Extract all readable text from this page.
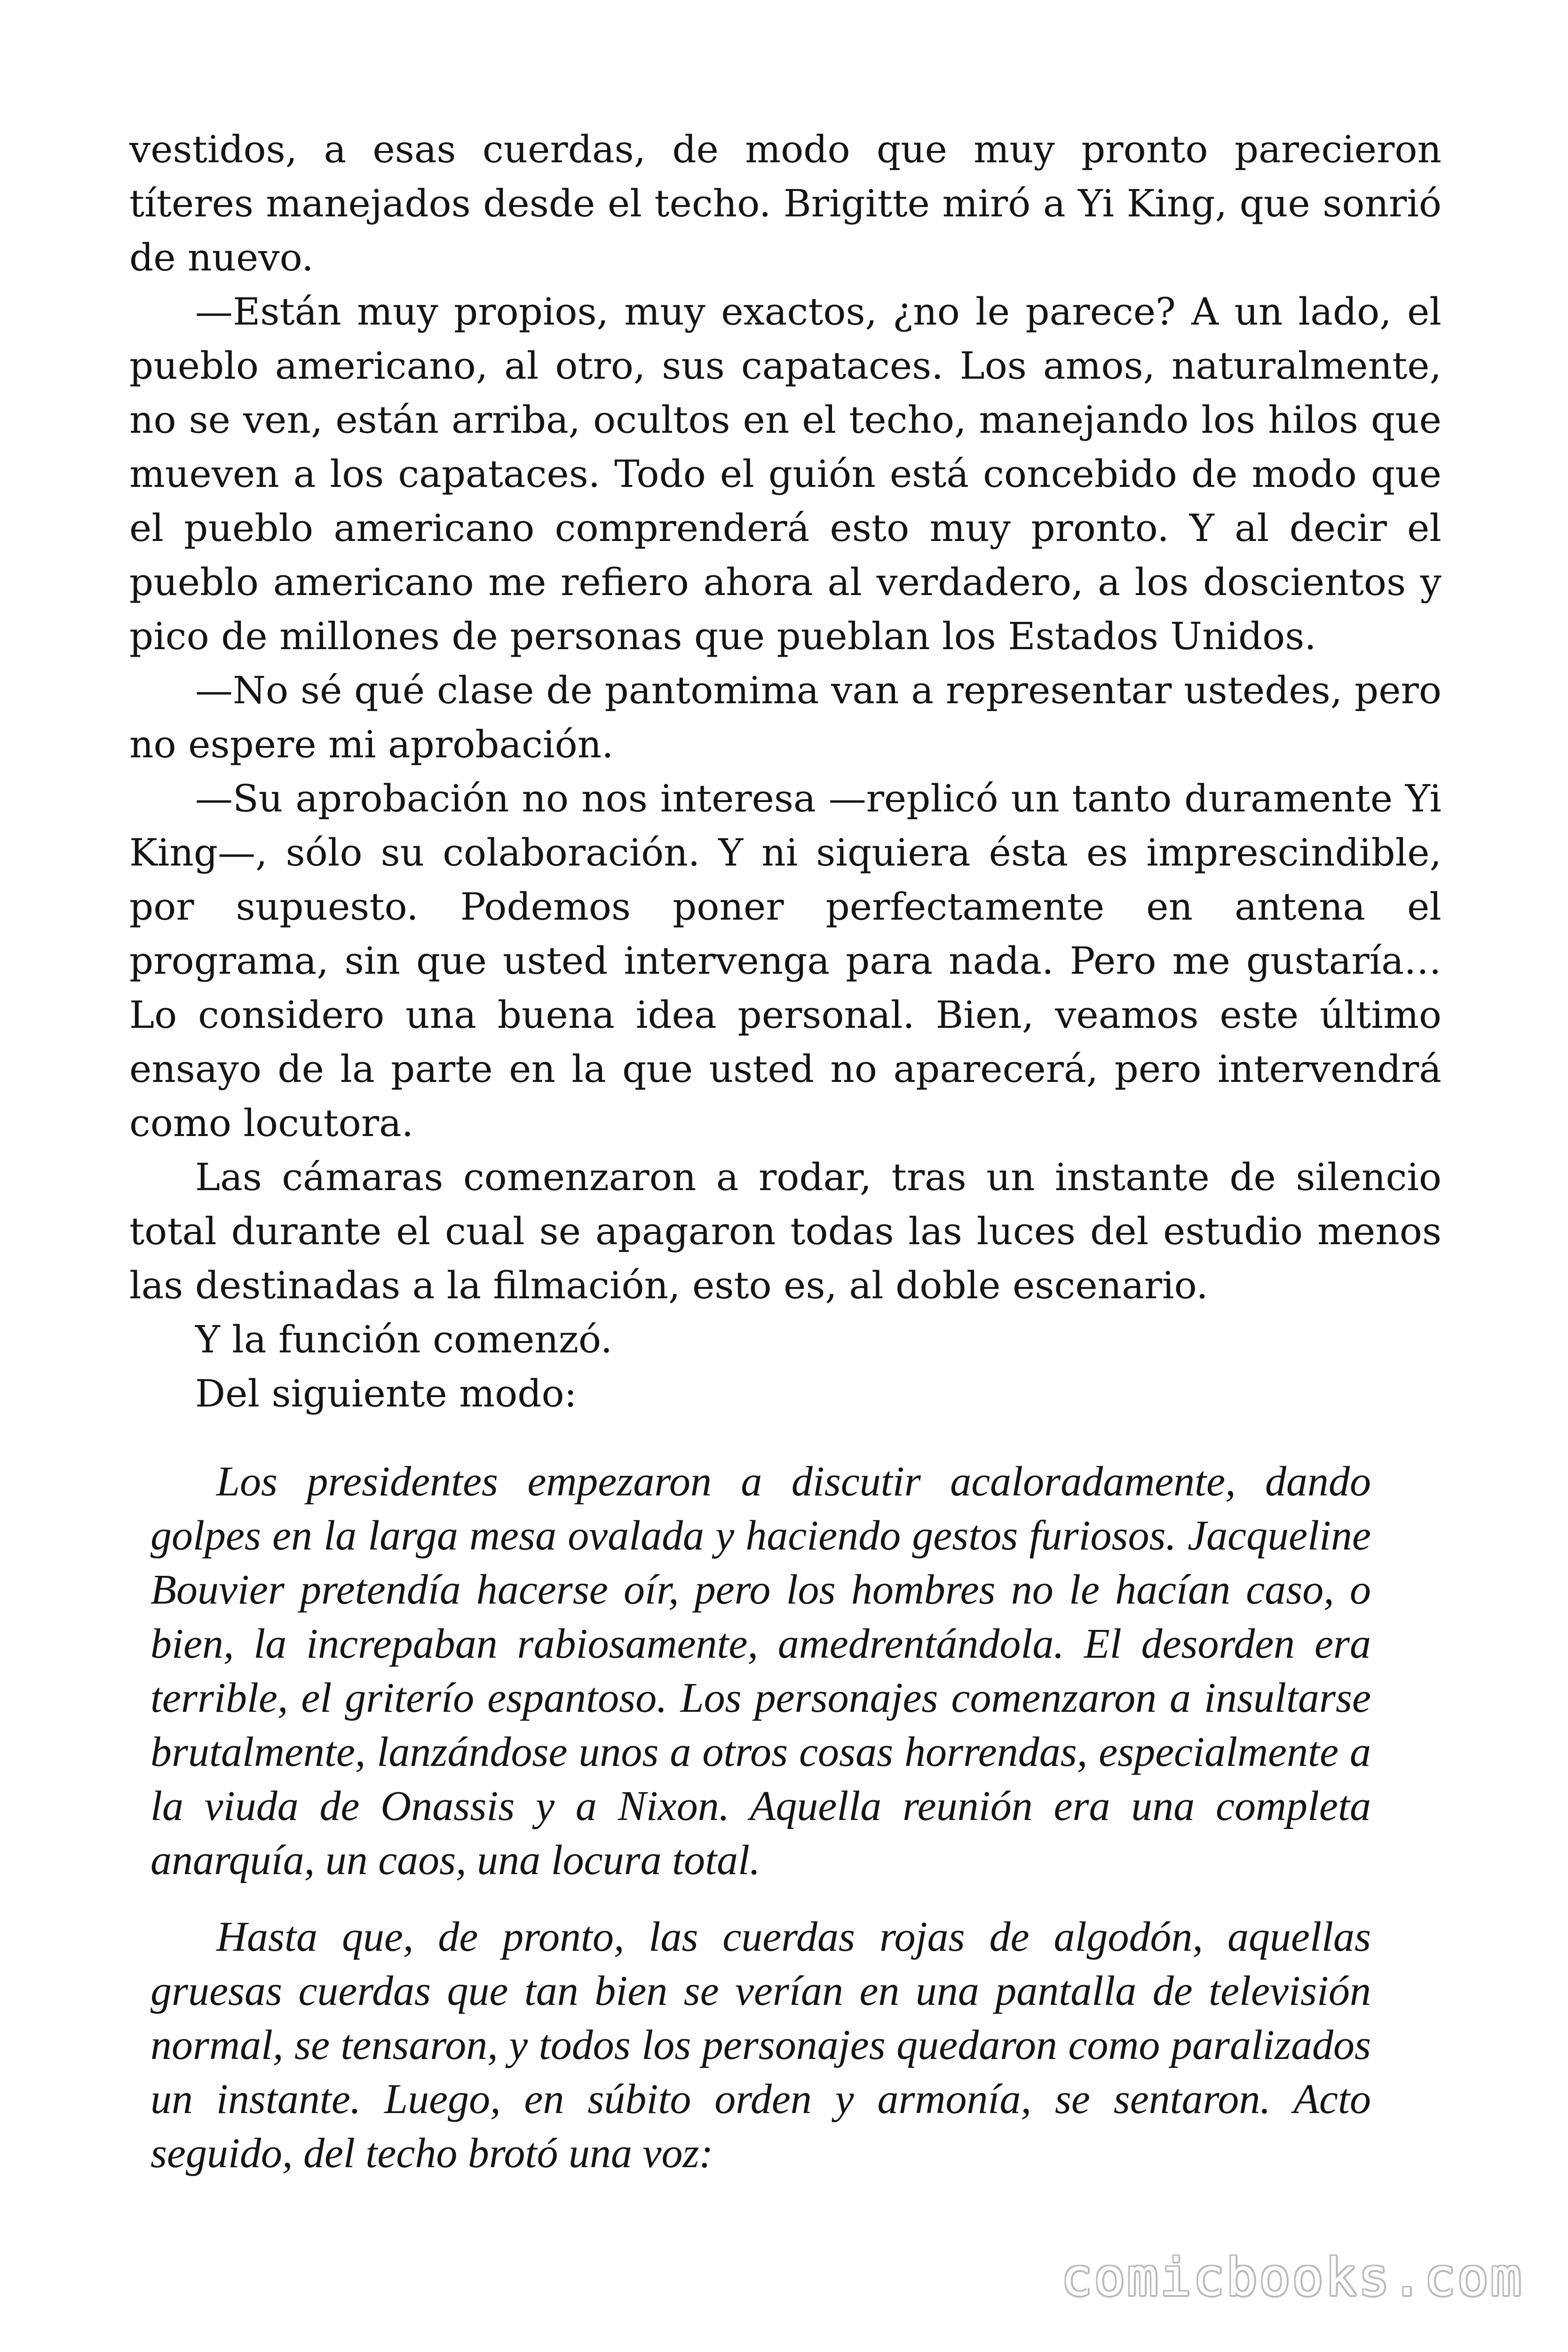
vestidos, a esas cuerdas, de modo que muy pronto parecieron títeres manejados desde el techo. Brigitte miró a Yi King, que sonrió de nuevo.

—Están muy propios, muy exactos, ¿no le parece? A un lado, el pueblo americano, al otro, sus capataces. Los amos, naturalmente, no se ven, están arriba, ocultos en el techo, manejando los hilos que mueven a los capataces. Todo el guión está concebido de modo que el pueblo americano comprenderá esto muy pronto. Y al decir el pueblo americano me refiero ahora al verdadero, a los doscientos y pico de millones de personas que pueblan los Estados Unidos.

—No sé qué clase de pantomima van a representar ustedes, pero no espere mi aprobación.

—Su aprobación no nos interesa —replicó un tanto duramente Yi King—, sólo su colaboración. Y ni siquiera ésta es imprescindible, por supuesto. Podemos poner perfectamente en antena el programa, sin que usted intervenga para nada. Pero me gustaría… Lo considero una buena idea personal. Bien, veamos este último ensayo de la parte en la que usted no aparecerá, pero intervendrá como locutora.

Las cámaras comenzaron a rodar, tras un instante de silencio total durante el cual se apagaron todas las luces del estudio menos las destinadas a la filmación, esto es, al doble escenario.

Y la función comenzó.

Del siguiente modo:

Los presidentes empezaron a discutir acaloradamente, dando golpes en la larga mesa ovalada y haciendo gestos furiosos. Jacqueline Bouvier pretendía hacerse oír, pero los hombres no le hacían caso, o bien, la increpaban rabiosamente, amedrentándola. El desorden era terrible, el griterío espantoso. Los personajes comenzaron a insultarse brutalmente, lanzándose unos a otros cosas horrendas, especialmente a la viuda de Onassis y a Nixon. Aquella reunión era una completa anarquía, un caos, una locura total.

Hasta que, de pronto, las cuerdas rojas de algodón, aquellas gruesas cuerdas que tan bien se verían en una pantalla de televisión normal, se tensaron, y todos los personajes quedaron como paralizados un instante. Luego, en súbito orden y armonía, se sentaron. Acto seguido, del techo brotó una voz:

comicbooks.com
